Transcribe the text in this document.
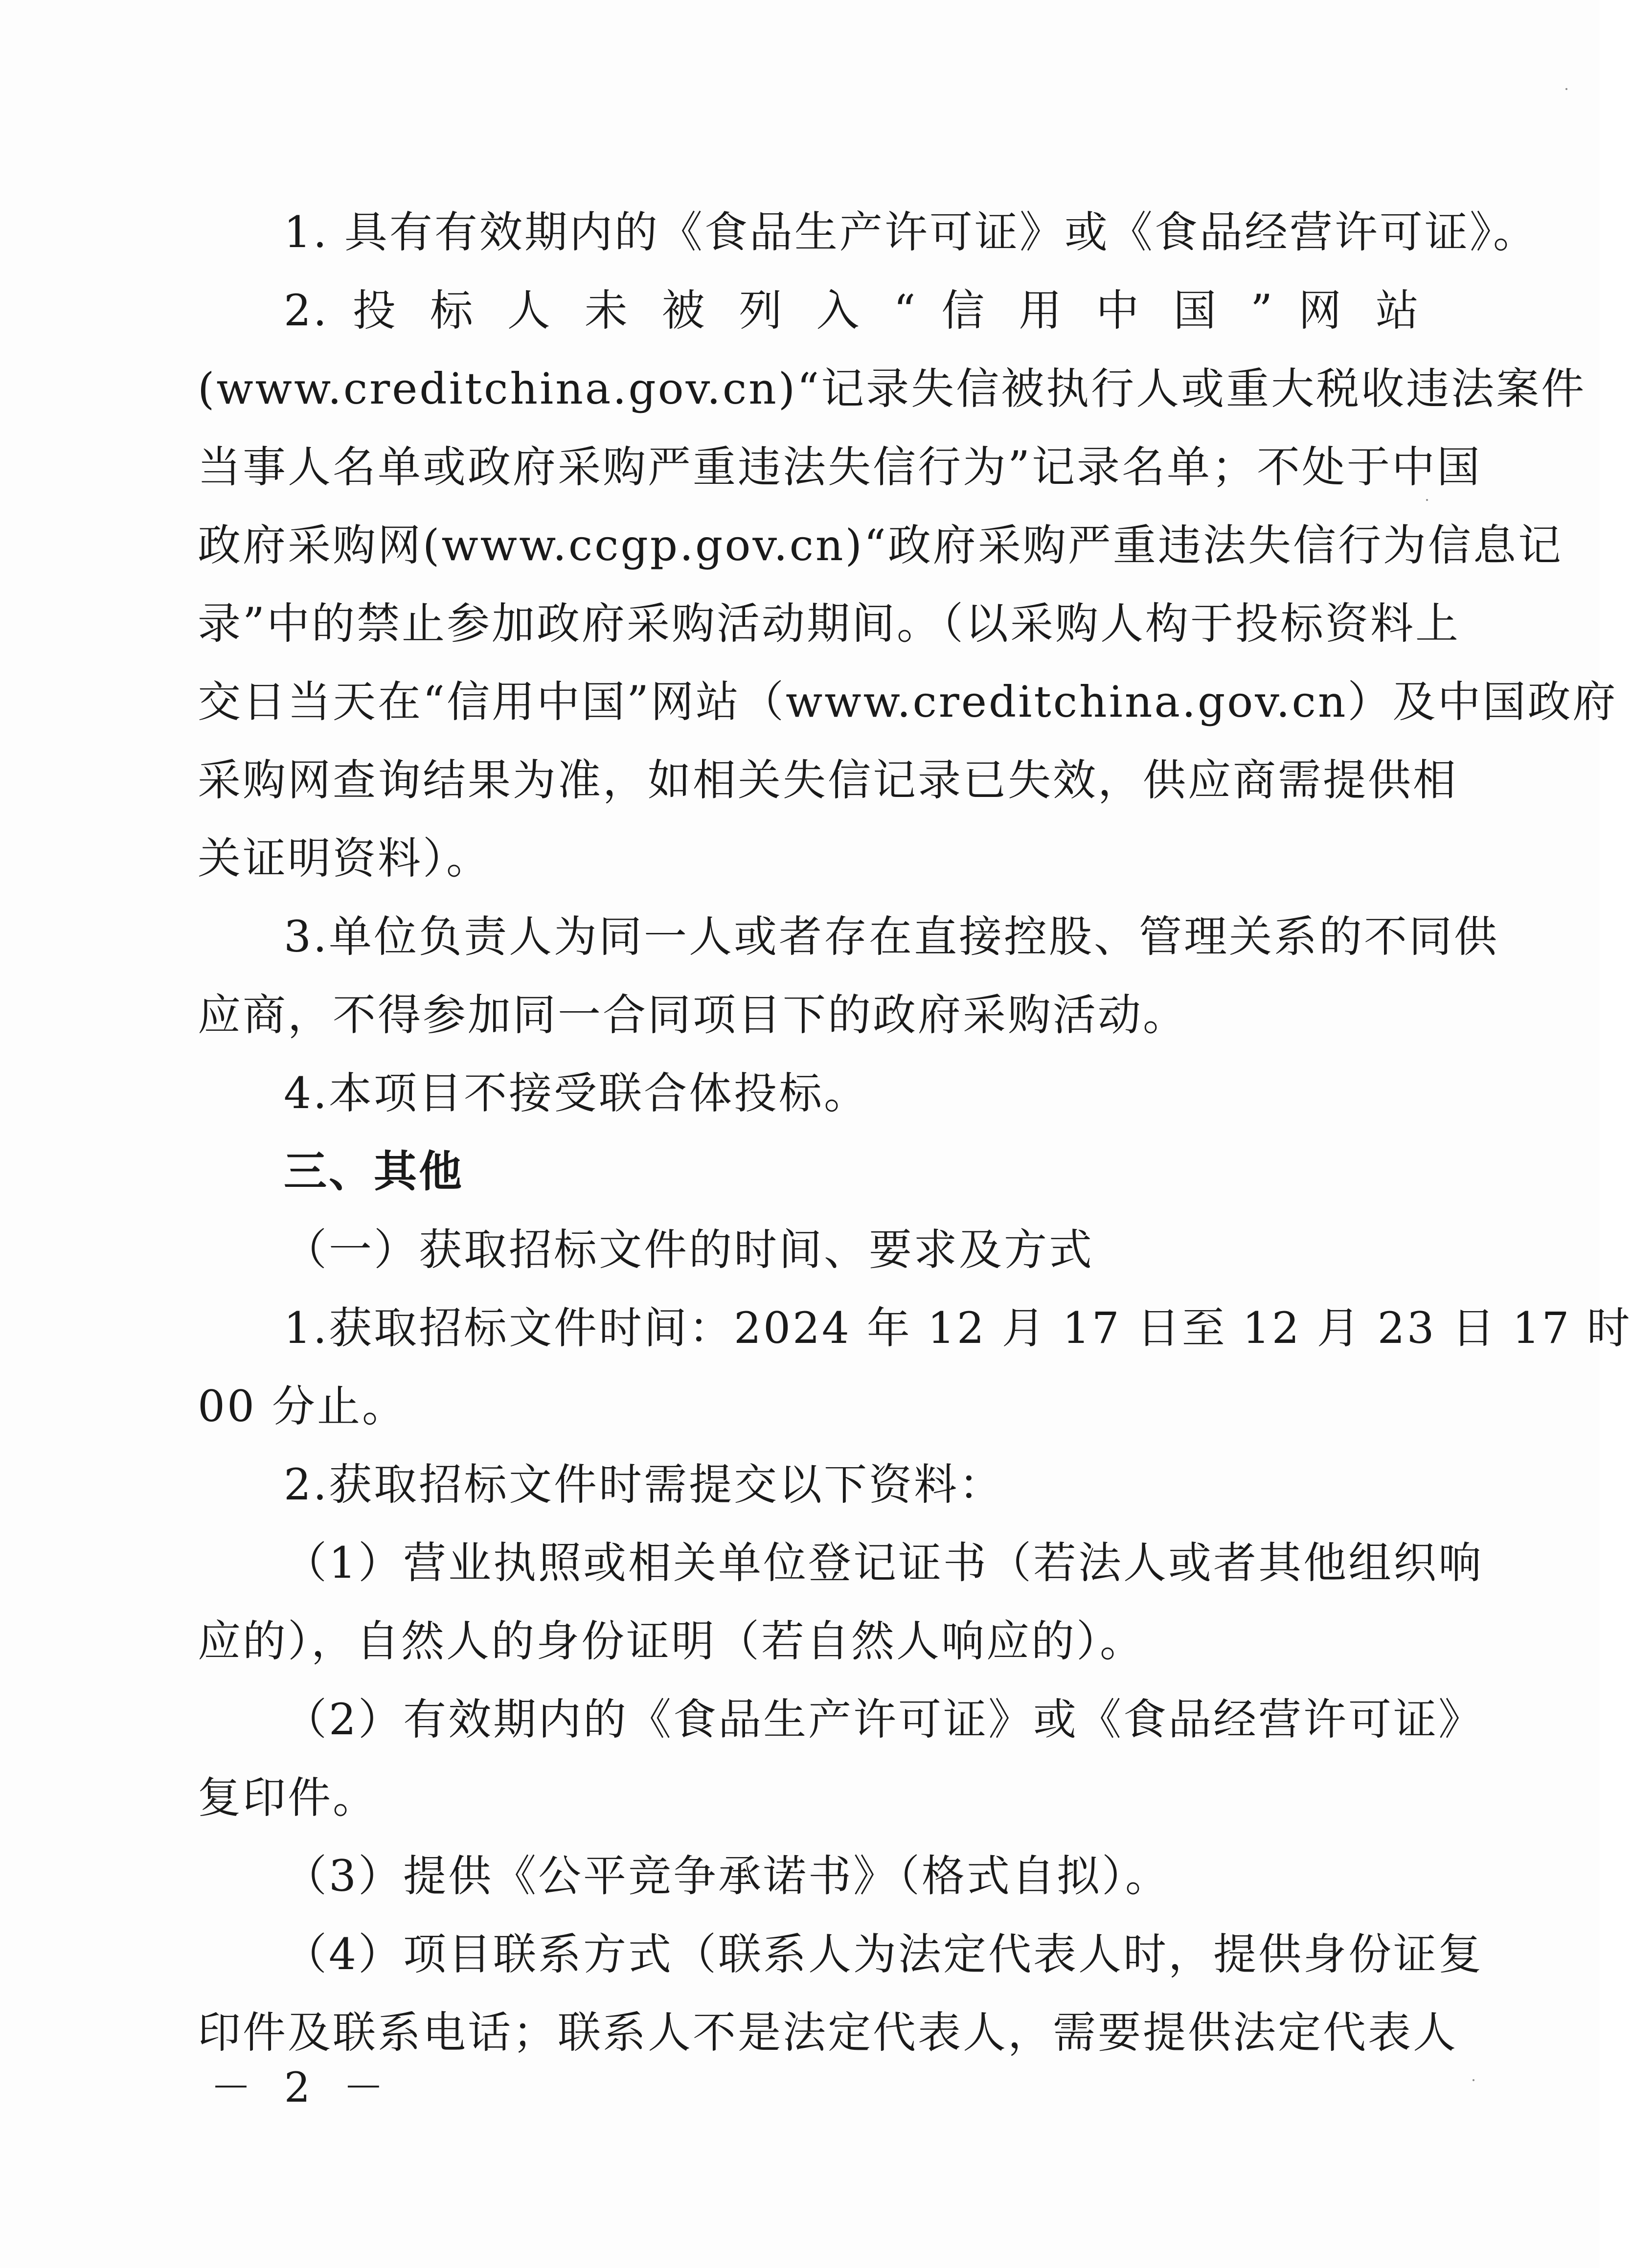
1. 具有有效期内的《食品生产许可证》或《食品经营许可证》。
2. 投 标 人 未 被 列 入 “ 信 用 中 国 ” 网 站
(www.creditchina.gov.cn)“记录失信被执行人或重大税收违法案件
当事人名单或政府采购严重违法失信行为”记录名单；不处于中国
政府采购网(www.ccgp.gov.cn)“政府采购严重违法失信行为信息记
录”中的禁止参加政府采购活动期间。（以采购人构于投标资料上
交日当天在“信用中国”网站（www.creditchina.gov.cn）及中国政府
采购网查询结果为准，如相关失信记录已失效，供应商需提供相
关证明资料）。
3.单位负责人为同一人或者存在直接控股、管理关系的不同供
应商，不得参加同一合同项目下的政府采购活动。
4.本项目不接受联合体投标。
三、其他
（一）获取招标文件的时间、要求及方式
1.获取招标文件时间：2024 年 12 月 17 日至 12 月 23 日 17 时
00 分止。
2.获取招标文件时需提交以下资料：
（1）营业执照或相关单位登记证书（若法人或者其他组织响
应的），自然人的身份证明（若自然人响应的）。
（2）有效期内的《食品生产许可证》或《食品经营许可证》
复印件。
（3）提供《公平竞争承诺书》（格式自拟）。
（4）项目联系方式（联系人为法定代表人时，提供身份证复
印件及联系电话；联系人不是法定代表人，需要提供法定代表人
－ 2 －
